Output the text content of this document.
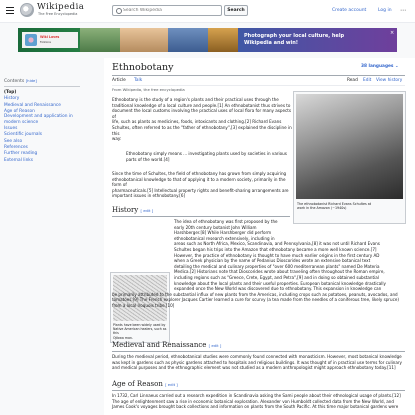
Wikipedia
The Free Encyclopedia
Search Wikipedia
Search	Create account	Log in ⋯
Wiki Loves
Folklore
Photograph your local culture, help
Wikipedia and win!
×
Contents [hide]
(Top)
History
Medieval and Renaissance
Age of Reason
Development and application in
modern science
Issues
Scientific journals
See also
References
Further reading
External links
Ethnobotany	38 languages ⌄
Article Talk	Read Edit View history
From Wikipedia, the free encyclopedia
Ethnobotany is the study of a region's plants and their practical uses through the
traditional knowledge of a local culture and people.[1] An ethnobotanist thus strives to
document the local customs involving the practical uses of local flora for many aspects of
life, such as plants as medicines, foods, intoxicants and clothing.[2] Richard Evans
Schultes, often referred to as the "father of ethnobotany",[3] explained the discipline in this
way:
Ethnobotany simply means ... investigating plants used by societies in various
parts of the world.[4]
Since the time of Schultes, the field of ethnobotany has grown from simply acquiring
ethnobotanical knowledge to that of applying it to a modern society, primarily in the form of
pharmaceuticals.[5] Intellectual property rights and benefit-sharing arrangements are
important issues in ethnobotany.[6]
The ethnobotanist Richard Evans Schultes at
work in the Amazon (~1940s)
History [ edit ]
Plants have been widely used by
Native American healers, such as this
Ojibwa man.
The idea of ethnobotany was first proposed by the
early 20th century botanist John William
Harshberger.[8] While Harshberger did perform
ethnobotanical research extensively, including in
areas such as North Africa, Mexico, Scandinavia, and Pennsylvania,[8] it was not until Richard Evans
Schultes began his trips into the Amazon that ethnobotany became a more well known science.[7]
However, the practice of ethnobotany is thought to have much earlier origins in the first century AD
when a Greek physician by the name of Pedanius Dioscorides wrote an extensive botanical text
detailing the medical and culinary properties of "over 600 mediterranean plants" named De Materia
Medica.[2] Historians note that Dioscorides wrote about traveling often throughout the Roman empire,
including regions such as "Greece, Crete, Egypt, and Petra",[9] and in doing so obtained substantial
knowledge about the local plants and their useful properties. European botanical knowledge drastically
expanded once the New World was discovered due to ethnobotany. This expansion in knowledge can
be primarily attributed to the substantial influx of new plants from the Americas, including crops such as potatoes, peanuts, avocados, and
tomatoes.[9] The French explorer Jacques Cartier learned a cure for scurvy (a tea made from the needles of a coniferous tree, likely spruce)
from a local Iroquois tribe.[10]
Medieval and Renaissance [ edit ]
During the medieval period, ethnobotanical studies were commonly found connected with monasticism. However, most botanical knowledge
was kept in gardens such as physic gardens attached to hospitals and religious buildings. It was thought of in practical use terms for culinary
and medical purposes and the ethnographic element was not studied as a modern anthropologist might approach ethnobotany today.[11]
Age of Reason [ edit ]
In 1732, Carl Linnaeus carried out a research expedition in Scandinavia asking the Sami people about their ethnological usage of plants.[12]
The age of enlightenment saw a rise in economic botanical exploration. Alexander von Humboldt collected data from the New World, and
James Cook's voyages brought back collections and information on plants from the South Pacific. At this time major botanical gardens were
